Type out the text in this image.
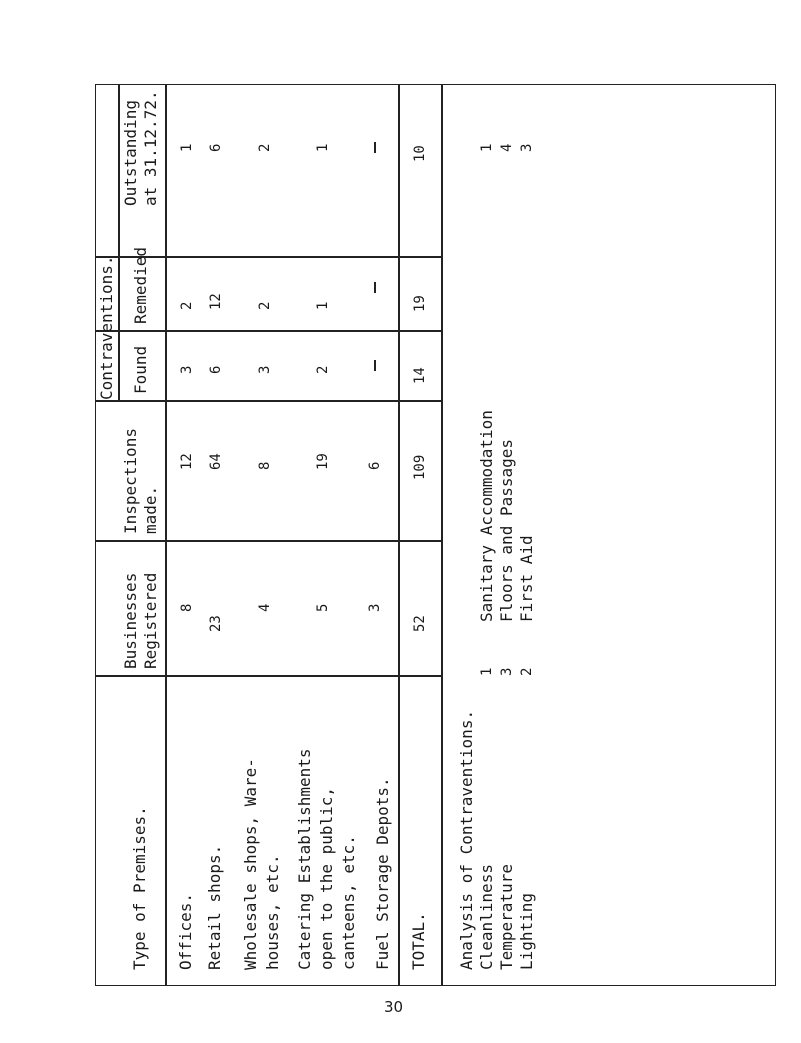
Contraventions.
Outstanding at 31.12.72.
Remedied
Found
Inspections made.
Businesses Registered
Type of Premises. Offices.
8
12
3
2
1
Retail shops.
23
64
6
12
6
Wholesale shops, Ware- houses, etc.
4
8
3
2
2
Catering Establishments open to the public, canteens, etc.
5
19
2
1
1
Fuel Storage Depots.
3
6
TOTAL.
52
109
14
19
10
Analysis of Contraventions. Cleanliness Temperature Lighting
1 3 2
Sanitary Accommodation Floors and Passages First Aid
1 4 3
30
